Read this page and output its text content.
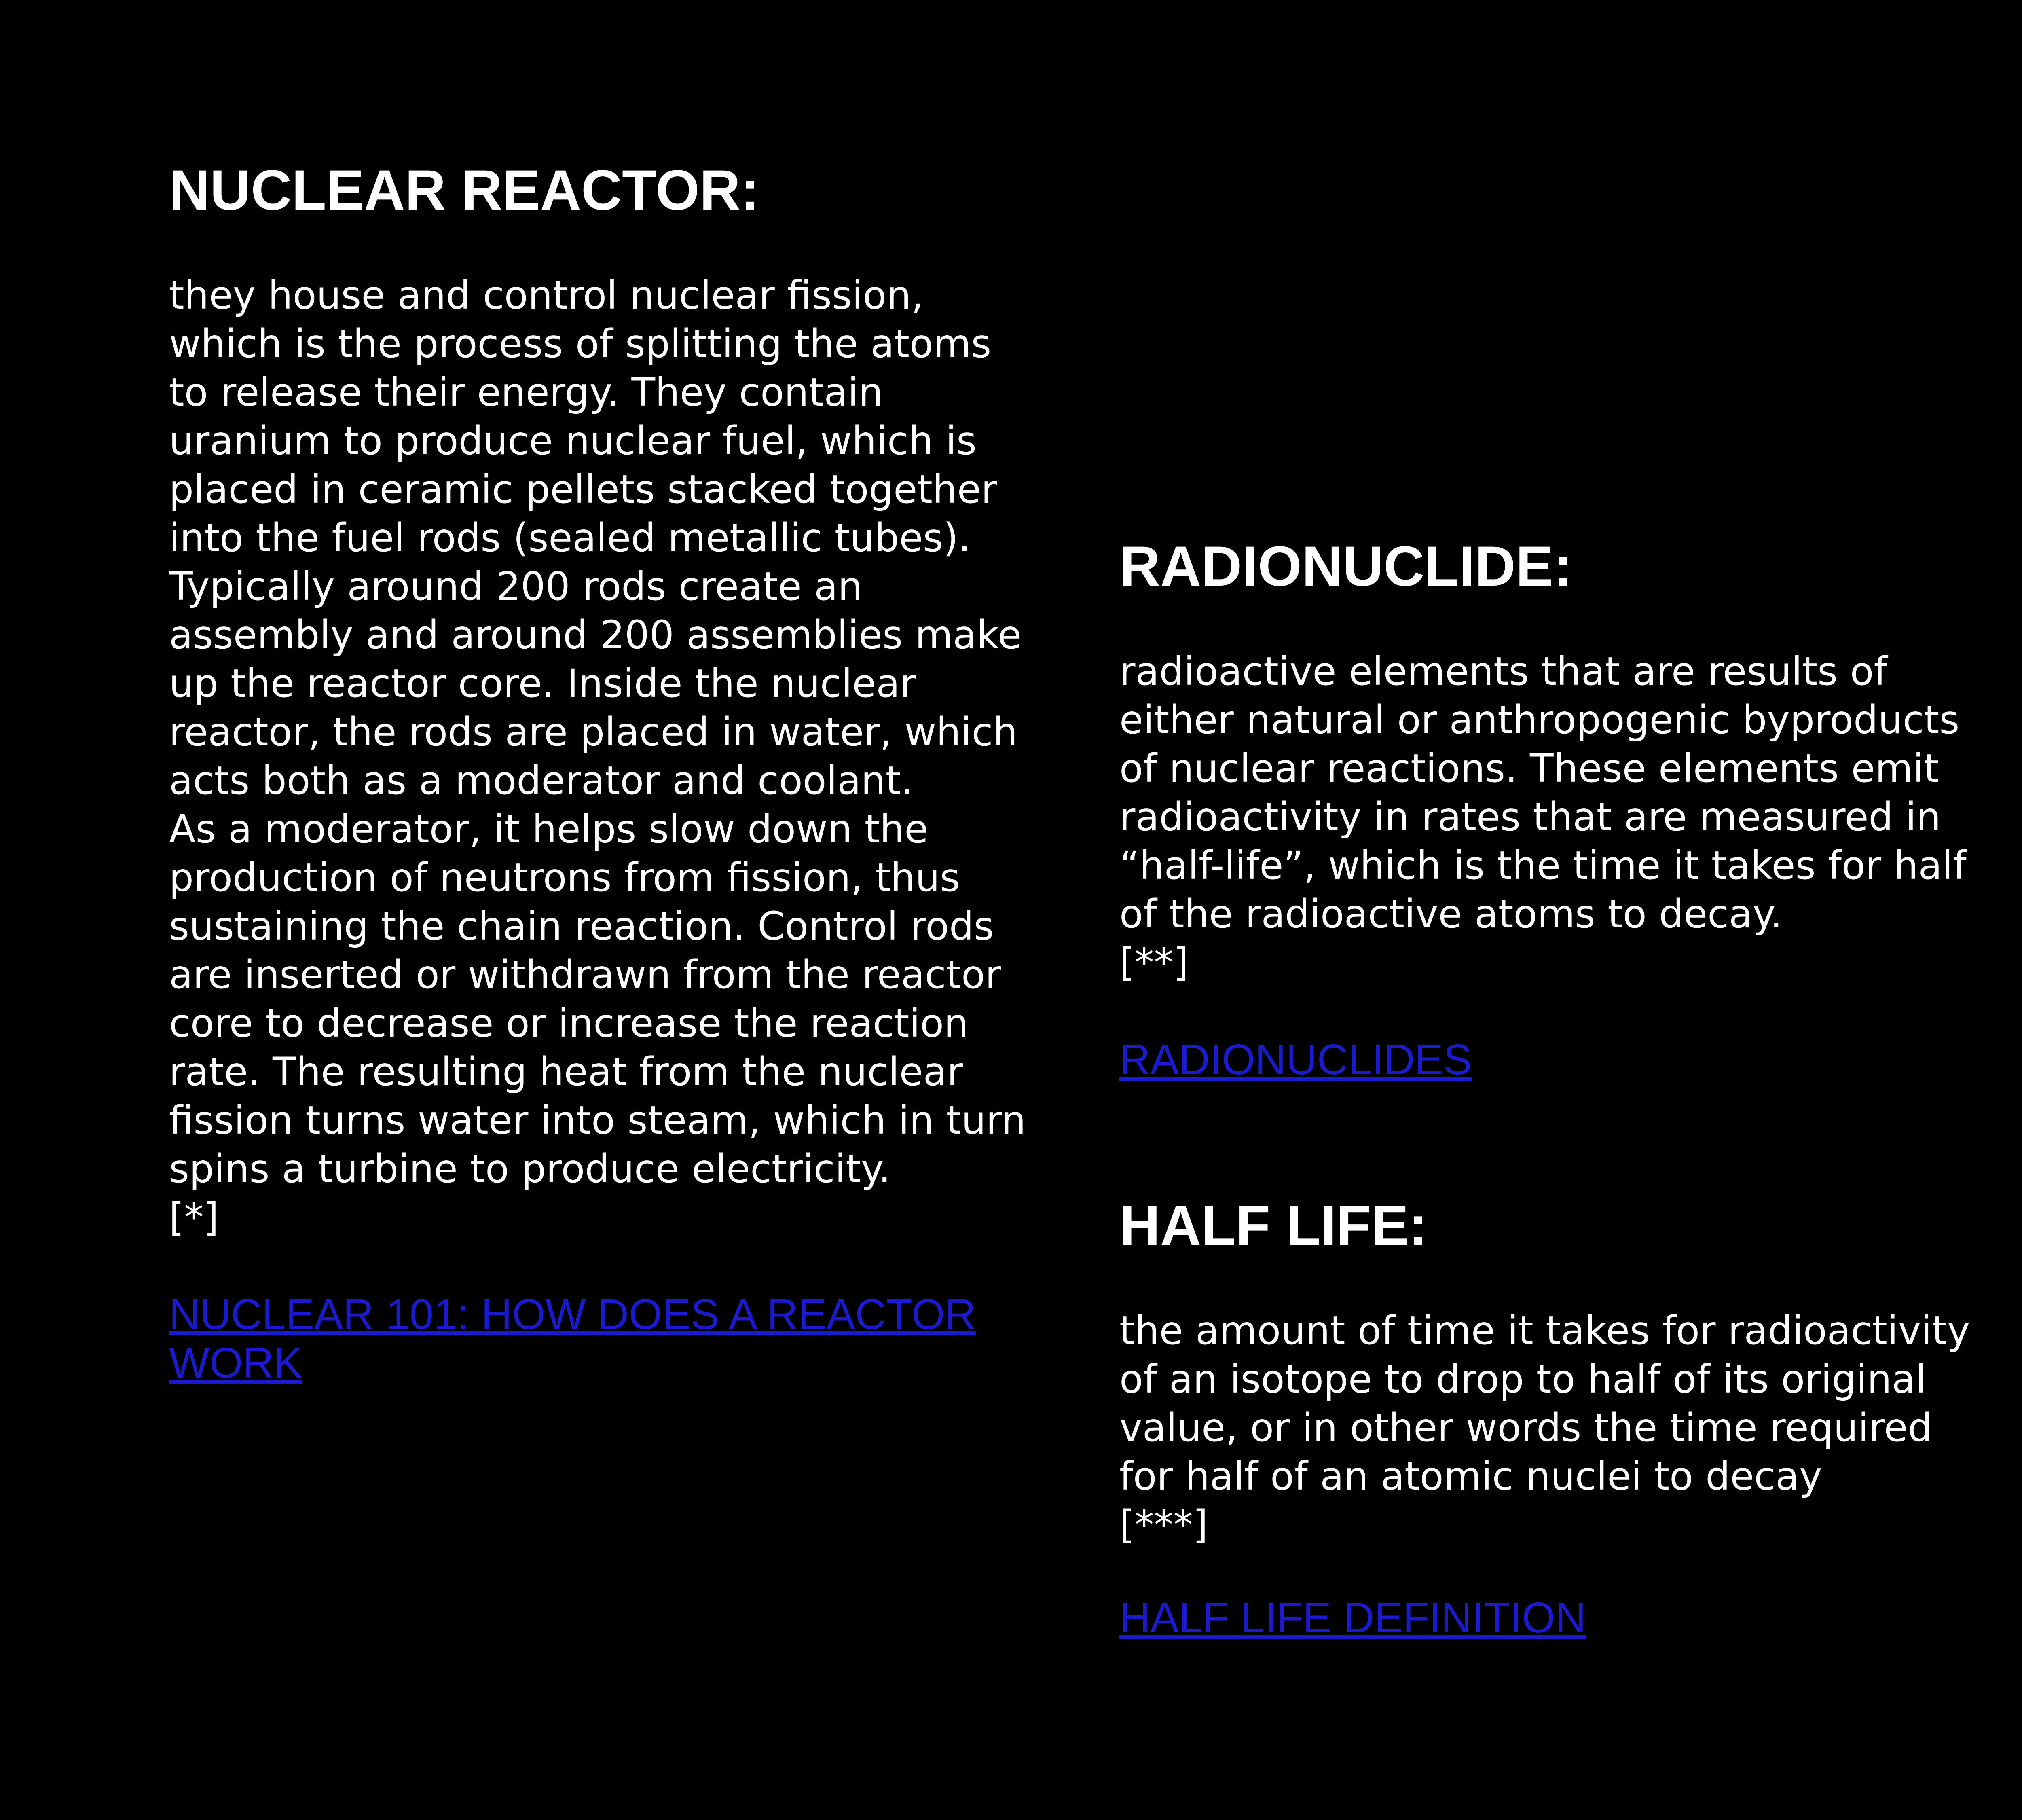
NUCLEAR REACTOR:
they house and control nuclear fission,
which is the process of splitting the atoms
to release their energy. They contain
uranium to produce nuclear fuel, which is
placed in ceramic pellets stacked together
into the fuel rods (sealed metallic tubes).
Typically around 200 rods create an
assembly and around 200 assemblies make
up the reactor core. Inside the nuclear
reactor, the rods are placed in water, which
acts both as a moderator and coolant.
As a moderator, it helps slow down the
production of neutrons from fission, thus
sustaining the chain reaction. Control rods
are inserted or withdrawn from the reactor
core to decrease or increase the reaction
rate. The resulting heat from the nuclear
fission turns water into steam, which in turn
spins a turbine to produce electricity.
[*]
NUCLEAR 101: HOW DOES A REACTOR
WORK
RADIONUCLIDE:
radioactive elements that are results of
either natural or anthropogenic byproducts
of nuclear reactions. These elements emit
radioactivity in rates that are measured in
“half-life”, which is the time it takes for half
of the radioactive atoms to decay.
[**]
RADIONUCLIDES
HALF LIFE:
the amount of time it takes for radioactivity
of an isotope to drop to half of its original
value, or in other words the time required
for half of an atomic nuclei to decay
[***]
HALF LIFE DEFINITION
